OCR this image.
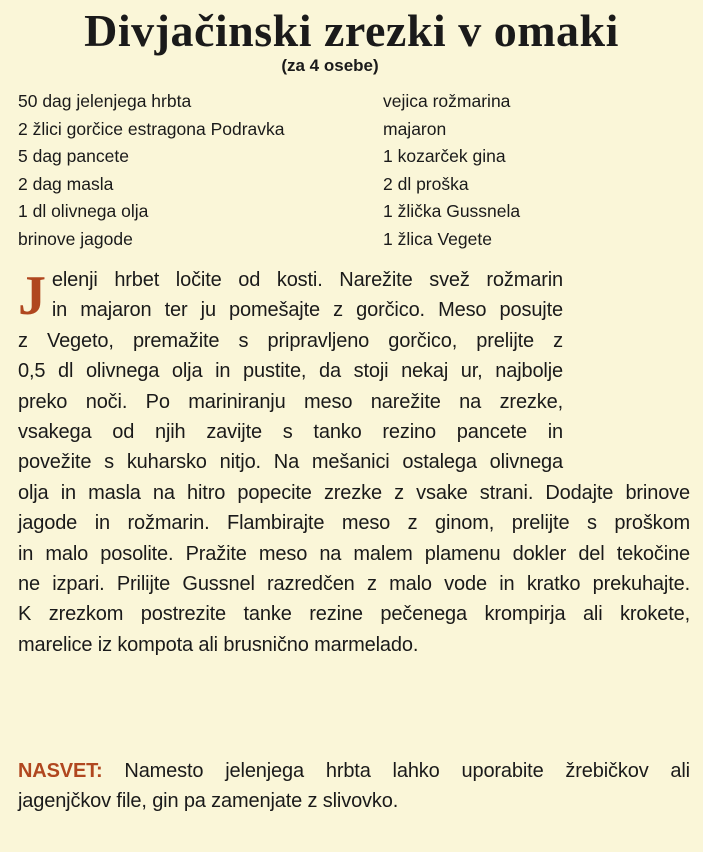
Divjačinski zrezki v omaki
(za 4 osebe)
50 dag jelenjega hrbta
2 žlici gorčice estragona Podravka
5 dag pancete
2 dag masla
1 dl olivnega olja
brinove jagode
vejica rožmarina
majaron
1 kozarček gina
2 dl proška
1 žlička Gussnela
1 žlica Vegete
J elenji hrbet ločite od kosti. Narežite svež rožmarin
in majaron ter ju pomešajte z gorčico. Meso posujte
z Vegeto, premažite s pripravljeno gorčico, prelijte z
0,5 dl olivnega olja in pustite, da stoji nekaj ur, najbolje
preko noči. Po mariniranju meso narežite na zrezke,
vsakega od njih zavijte s tanko rezino pancete in
povežite s kuharsko nitjo. Na mešanici ostalega olivnega
olja in masla na hitro popecite zrezke z vsake strani. Dodajte brinove
jagode in rožmarin. Flambirajte meso z ginom, prelijte s proškom
in malo posolite. Pražite meso na malem plamenu dokler del tekočine
ne izpari. Prilijte Gussnel razredčen z malo vode in kratko prekuhajte.
K zrezkom postrezite tanke rezine pečenega krompirja ali krokete,
marelice iz kompota ali brusnično marmelado.
NASVET: Namesto jelenjega hrbta lahko uporabite žrebičkov ali
jagenjčkov file, gin pa zamenjate z slivovko.
